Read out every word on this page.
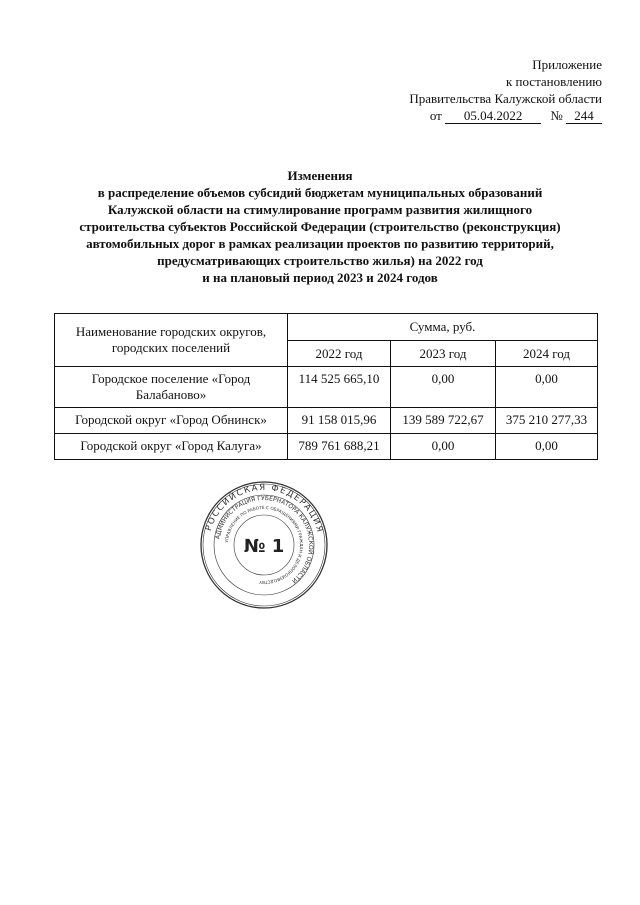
Приложение
к постановлению
Правительства Калужской области
от 05.04.2022 № 244
Изменения
в распределение объемов субсидий бюджетам муниципальных образований
Калужской области на стимулирование программ развития жилищного
строительства субъектов Российской Федерации (строительство (реконструкция)
автомобильных дорог в рамках реализации проектов по развитию территорий,
предусматривающих строительство жилья) на 2022 год
и на плановый период 2023 и 2024 годов
Наименование городских округов, городских поселений	Сумма, руб.		
	2022 год	2023 год	2024 год
Городское поселение «Город Балабаново»	114 525 665,10	0,00	0,00
Городской округ «Город Обнинск»	91 158 015,96	139 589 722,67	375 210 277,33
Городской округ «Город Калуга»	789 761 688,21	0,00	0,00
РОССИЙСКАЯ ФЕДЕРАЦИЯ
АДМИНИСТРАЦИЯ ГУБЕРНАТОРА КАЛУЖСКОЙ ОБЛАСТИ
УПРАВЛЕНИЕ ПО РАБОТЕ С ОБРАЩЕНИЯМИ ГРАЖДАН И ДЕЛОПРОИЗВОДСТВУ
№ 1
